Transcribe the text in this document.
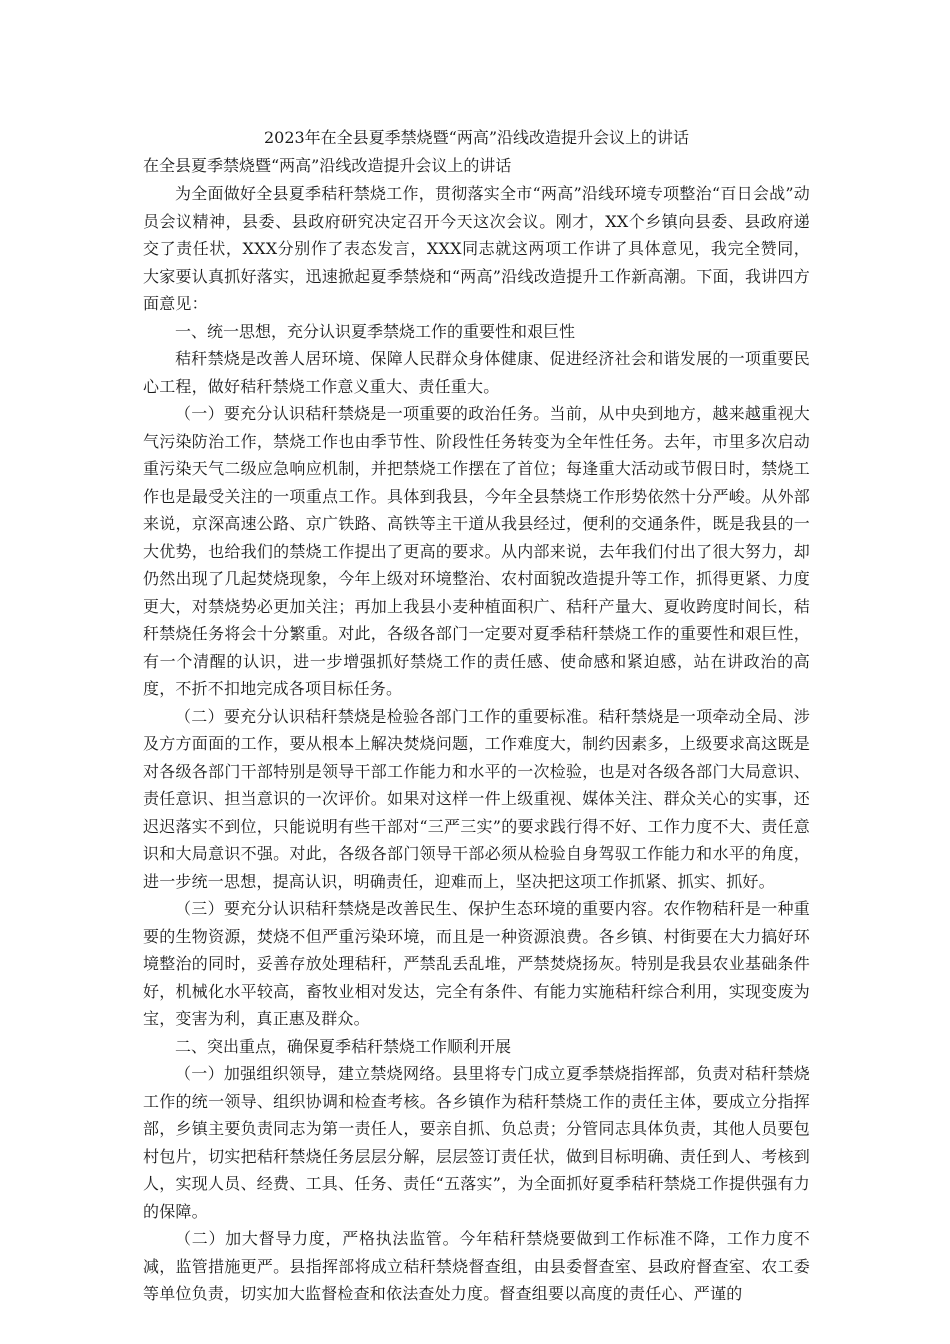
2023年在全县夏季禁烧暨“两高”沿线改造提升会议上的讲话

在全县夏季禁烧暨“两高”沿线改造提升会议上的讲话

为全面做好全县夏季秸秆禁烧工作，贯彻落实全市“两高”沿线环境专项整治“百日会战”动员会议精神，县委、县政府研究决定召开今天这次会议。刚才，XX个乡镇向县委、县政府递交了责任状，XXX分别作了表态发言，XXX同志就这两项工作讲了具体意见，我完全赞同，大家要认真抓好落实，迅速掀起夏季禁烧和“两高”沿线改造提升工作新高潮。下面，我讲四方面意见：

一、统一思想，充分认识夏季禁烧工作的重要性和艰巨性

秸秆禁烧是改善人居环境、保障人民群众身体健康、促进经济社会和谐发展的一项重要民心工程，做好秸秆禁烧工作意义重大、责任重大。

（一）要充分认识秸秆禁烧是一项重要的政治任务。当前，从中央到地方，越来越重视大气污染防治工作，禁烧工作也由季节性、阶段性任务转变为全年性任务。去年，市里多次启动重污染天气二级应急响应机制，并把禁烧工作摆在了首位；每逢重大活动或节假日时，禁烧工作也是最受关注的一项重点工作。具体到我县，今年全县禁烧工作形势依然十分严峻。从外部来说，京深高速公路、京广铁路、高铁等主干道从我县经过，便利的交通条件，既是我县的一大优势，也给我们的禁烧工作提出了更高的要求。从内部来说，去年我们付出了很大努力，却仍然出现了几起焚烧现象，今年上级对环境整治、农村面貌改造提升等工作，抓得更紧、力度更大，对禁烧势必更加关注；再加上我县小麦种植面积广、秸秆产量大、夏收跨度时间长，秸秆禁烧任务将会十分繁重。对此，各级各部门一定要对夏季秸秆禁烧工作的重要性和艰巨性，有一个清醒的认识，进一步增强抓好禁烧工作的责任感、使命感和紧迫感，站在讲政治的高度，不折不扣地完成各项目标任务。

（二）要充分认识秸秆禁烧是检验各部门工作的重要标准。秸秆禁烧是一项牵动全局、涉及方方面面的工作，要从根本上解决焚烧问题，工作难度大，制约因素多，上级要求高这既是对各级各部门干部特别是领导干部工作能力和水平的一次检验，也是对各级各部门大局意识、责任意识、担当意识的一次评价。如果对这样一件上级重视、媒体关注、群众关心的实事，还迟迟落实不到位，只能说明有些干部对“三严三实”的要求践行得不好、工作力度不大、责任意识和大局意识不强。对此，各级各部门领导干部必须从检验自身驾驭工作能力和水平的角度，进一步统一思想，提高认识，明确责任，迎难而上，坚决把这项工作抓紧、抓实、抓好。

（三）要充分认识秸秆禁烧是改善民生、保护生态环境的重要内容。农作物秸秆是一种重要的生物资源，焚烧不但严重污染环境，而且是一种资源浪费。各乡镇、村街要在大力搞好环境整治的同时，妥善存放处理秸秆，严禁乱丢乱堆，严禁焚烧扬灰。特别是我县农业基础条件好，机械化水平较高，畜牧业相对发达，完全有条件、有能力实施秸秆综合利用，实现变废为宝，变害为利，真正惠及群众。

二、突出重点，确保夏季秸秆禁烧工作顺利开展

（一）加强组织领导，建立禁烧网络。县里将专门成立夏季禁烧指挥部，负责对秸秆禁烧工作的统一领导、组织协调和检查考核。各乡镇作为秸秆禁烧工作的责任主体，要成立分指挥部，乡镇主要负责同志为第一责任人，要亲自抓、负总责；分管同志具体负责，其他人员要包村包片，切实把秸秆禁烧任务层层分解，层层签订责任状，做到目标明确、责任到人、考核到人，实现人员、经费、工具、任务、责任“五落实”，为全面抓好夏季秸秆禁烧工作提供强有力的保障。

（二）加大督导力度，严格执法监管。今年秸秆禁烧要做到工作标准不降，工作力度不减，监管措施更严。县指挥部将成立秸秆禁烧督查组，由县委督查室、县政府督查室、农工委等单位负责，切实加大监督检查和依法查处力度。督查组要以高度的责任心、严谨的
